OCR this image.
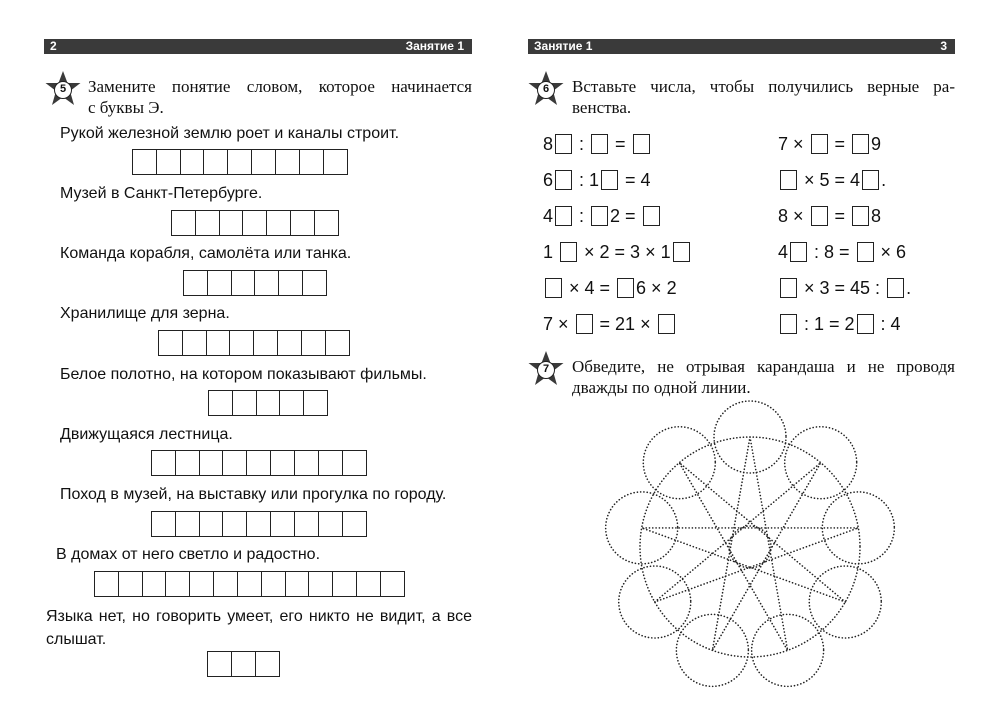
2	Занятие 1
5 Замените понятие словом, которое начинается
с буквы Э.
Рукой железной землю роет и каналы строит.
Музей в Санкт-Петербурге.
Команда корабля, самолёта или танка.
Хранилище для зерна.
Белое полотно, на котором показывают фильмы.
Движущаяся лестница.
Поход в музей, на выставку или прогулка по городу.
В домах от него светло и радостно.
Языка нет, но говорить умеет, его никто не видит, а все слышат.
Занятие 1	3
6 Вставьте числа, чтобы получились верные ра-
венства.
8 : =
6 : 1 = 4
4 : 2 =
1 × 2 = 3 × 1
× 4 = 6 × 2
7 × = 21 ×
7 × = 9
× 5 = 4 .
8 × = 8
4 : 8 = × 6
× 3 = 45 : .
: 1 = 2 : 4
7 Обведите, не отрывая карандаша и не проводя
дважды по одной линии.
